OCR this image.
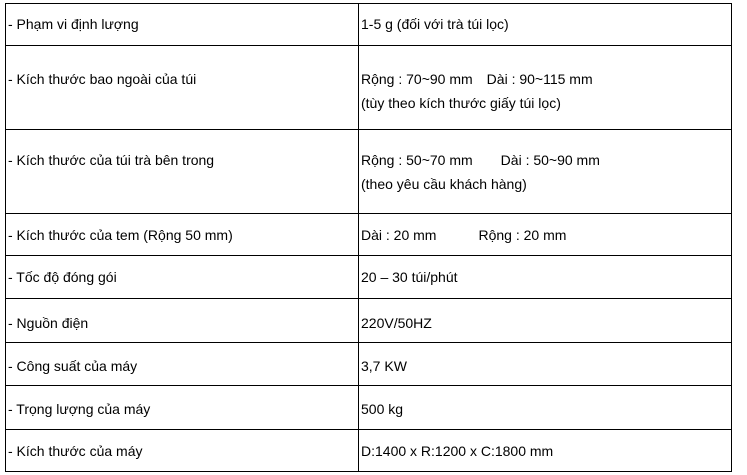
- Phạm vi định lượng	1-5 g (đối với trà túi lọc)
- Kích thước bao ngoài của túi	Rộng : 70~90 mm Dài : 90~115 mm
(tùy theo kích thước giấy túi lọc)

- Kích thước của túi trà bên trong	Rộng : 50~70 mm Dài : 50~90 mm
(theo yêu cầu khách hàng)

- Kích thước của tem (Rộng 50 mm)	Dài : 20 mm Rộng : 20 mm
- Tốc độ đóng gói	20 – 30 túi/phút
- Nguồn điện	220V/50HZ
- Công suất của máy	3,7 KW
- Trọng lượng của máy	500 kg
- Kích thước của máy	D:1400 x R:1200 x C:1800 mm
